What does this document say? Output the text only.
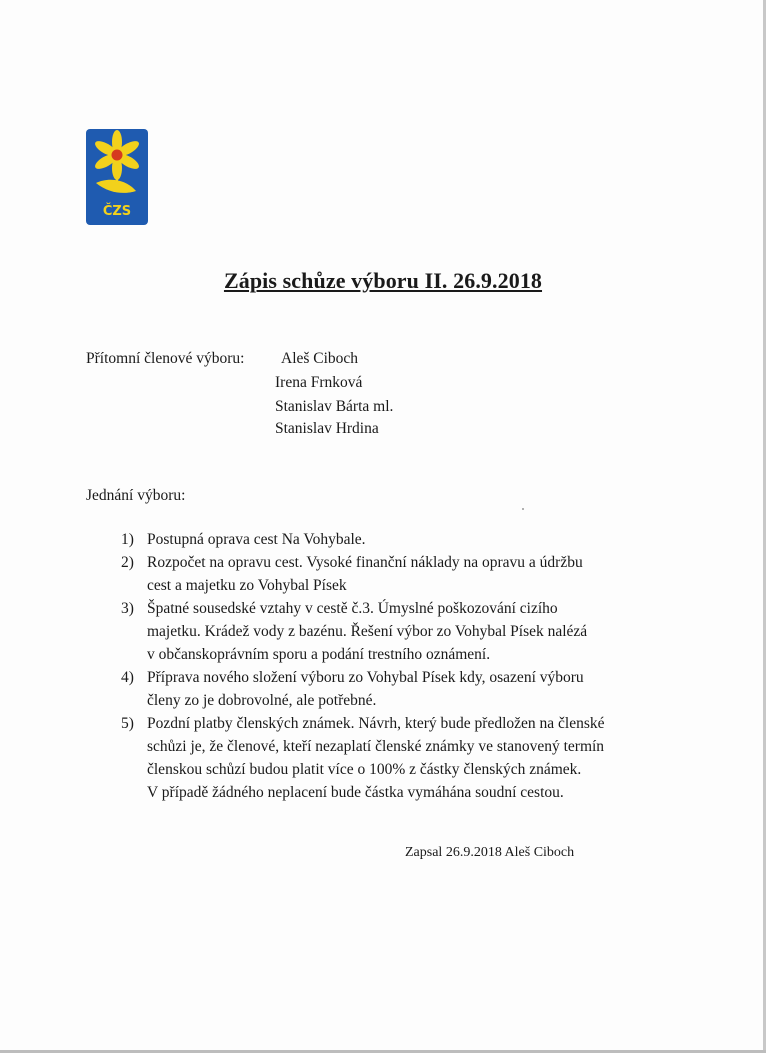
ČZS
Zápis schůze výboru II. 26.9.2018
Přítomní členové výboru: Aleš Ciboch
Irena Frnková
Stanislav Bárta ml.
Stanislav Hrdina
Jednání výboru:
1) Postupná oprava cest Na Vohybale.
2) Rozpočet na opravu cest. Vysoké finanční náklady na opravu a údržbu
cest a majetku zo Vohybal Písek
3) Špatné sousedské vztahy v cestě č.3. Úmyslné poškozování cizího
majetku. Krádež vody z bazénu. Řešení výbor zo Vohybal Písek nalézá
v občanskoprávním sporu a podání trestního oznámení.
4) Příprava nového složení výboru zo Vohybal Písek kdy, osazení výboru
členy zo je dobrovolné, ale potřebné.
5) Pozdní platby členských známek. Návrh, který bude předložen na členské
schůzi je, že členové, kteří nezaplatí členské známky ve stanovený termín
členskou schůzí budou platit více o 100% z částky členských známek.
V případě žádného neplacení bude částka vymáhána soudní cestou.
Zapsal 26.9.2018 Aleš Ciboch
